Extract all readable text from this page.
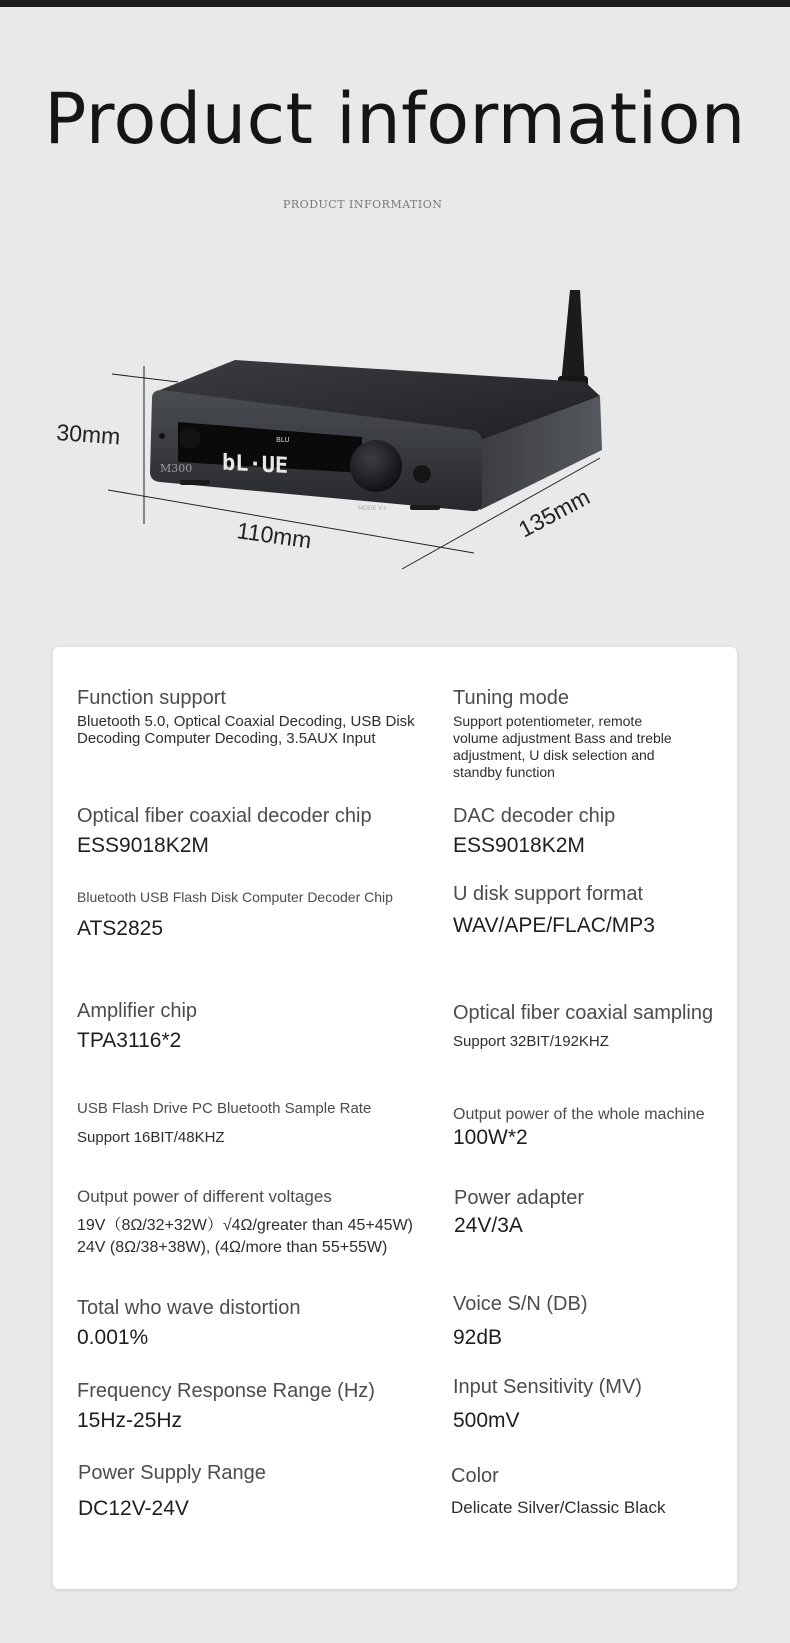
Product information
PRODUCT INFORMATION
bL·UE
BLU
M300
MODE V+
30mm
110mm	135mm
Function support
Bluetooth 5.0, Optical Coaxial Decoding, USB Disk Decoding Computer Decoding, 3.5AUX Input
Tuning mode
Support potentiometer, remote volume adjustment Bass and treble adjustment, U disk selection and standby function
Optical fiber coaxial decoder chip
ESS9018K2M
DAC decoder chip
ESS9018K2M
Bluetooth USB Flash Disk Computer Decoder Chip
ATS2825
U disk support format
WAV/APE/FLAC/MP3
Amplifier chip
TPA3116*2
Optical fiber coaxial sampling
Support 32BIT/192KHZ
USB Flash Drive PC Bluetooth Sample Rate
Support 16BIT/48KHZ
Output power of the whole machine
100W*2
Output power of different voltages
19V（8Ω/32+32W）√4Ω/greater than 45+45W)
24V (8Ω/38+38W), (4Ω/more than 55+55W)
Power adapter
24V/3A
Total who wave distortion
0.001%
Voice S/N (DB)
92dB
Frequency Response Range (Hz)
15Hz-25Hz
Input Sensitivity (MV)
500mV
Power Supply Range
DC12V-24V
Color
Delicate Silver/Classic Black
